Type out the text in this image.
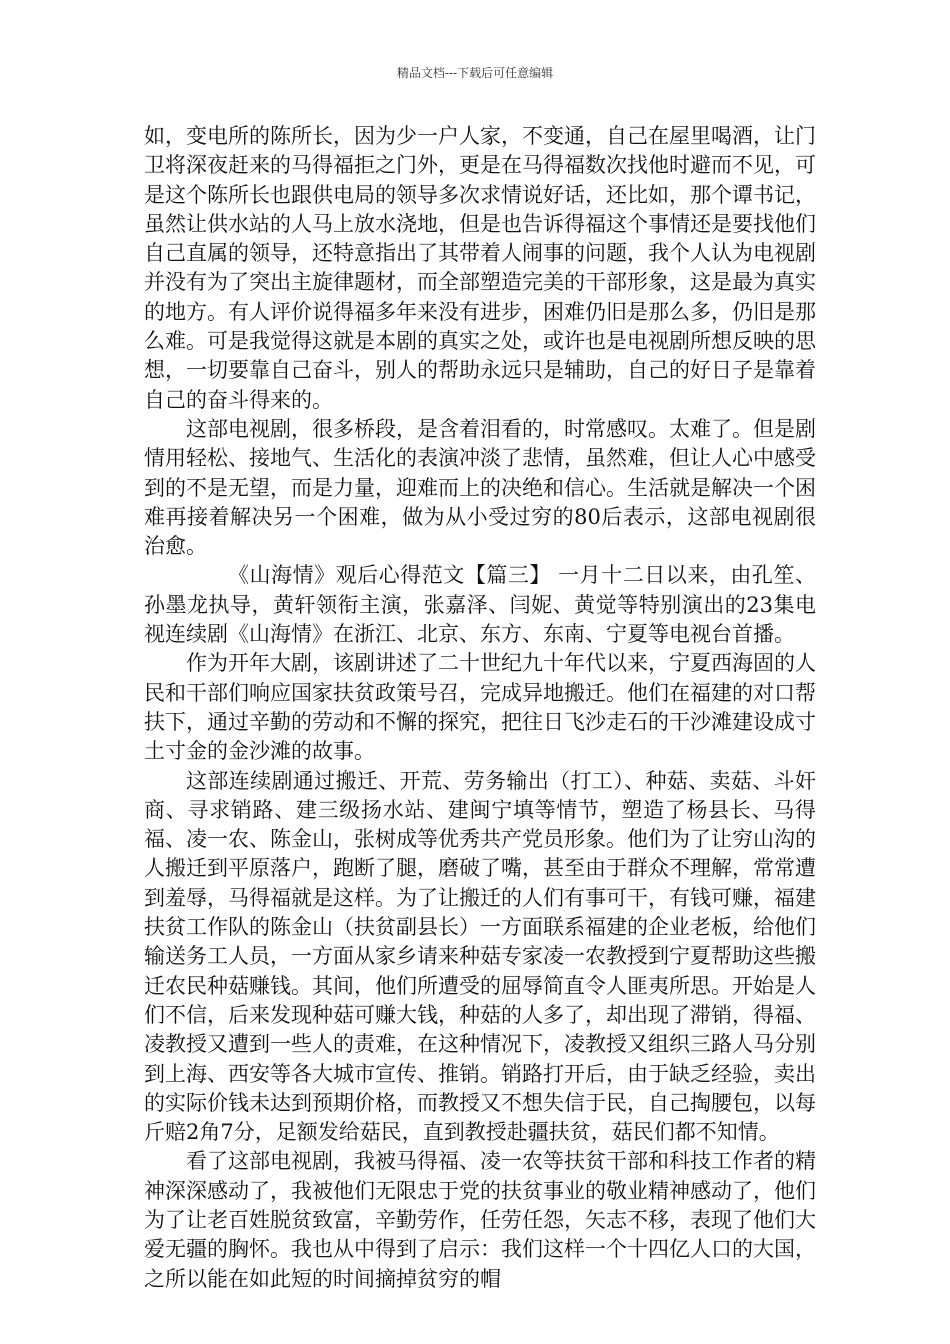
精品文档---下载后可任意编辑

如，变电所的陈所长，因为少一户人家，不变通，自己在屋里喝酒，让门卫将深夜赶来的马得福拒之门外，更是在马得福数次找他时避而不见，可是这个陈所长也跟供电局的领导多次求情说好话，还比如，那个谭书记，虽然让供水站的人马上放水浇地，但是也告诉得福这个事情还是要找他们自己直属的领导，还特意指出了其带着人闹事的问题，我个人认为电视剧并没有为了突出主旋律题材，而全部塑造完美的干部形象，这是最为真实的地方。有人评价说得福多年来没有进步，困难仍旧是那么多，仍旧是那么难。可是我觉得这就是本剧的真实之处，或许也是电视剧所想反映的思想，一切要靠自己奋斗，别人的帮助永远只是辅助，自己的好日子是靠着自己的奋斗得来的。

这部电视剧，很多桥段，是含着泪看的，时常感叹。太难了。但是剧情用轻松、接地气、生活化的表演冲淡了悲情，虽然难，但让人心中感受到的不是无望，而是力量，迎难而上的决绝和信心。生活就是解决一个困难再接着解决另一个困难，做为从小受过穷的80后表示，这部电视剧很治愈。

《山海情》观后心得范文【篇三】 一月十二日以来，由孔笙、孙墨龙执导，黄轩领衔主演，张嘉泽、闫妮、黄觉等特别演出的23集电视连续剧《山海情》在浙江、北京、东方、东南、宁夏等电视台首播。

作为开年大剧，该剧讲述了二十世纪九十年代以来，宁夏西海固的人民和干部们响应国家扶贫政策号召，完成异地搬迁。他们在福建的对口帮扶下，通过辛勤的劳动和不懈的探究，把往日飞沙走石的干沙滩建设成寸土寸金的金沙滩的故事。

这部连续剧通过搬迁、开荒、劳务输出（打工）、种菇、卖菇、斗奸商、寻求销路、建三级扬水站、建闽宁填等情节，塑造了杨县长、马得福、凌一农、陈金山，张树成等优秀共产党员形象。他们为了让穷山沟的人搬迁到平原落户，跑断了腿，磨破了嘴，甚至由于群众不理解，常常遭到羞辱，马得福就是这样。为了让搬迁的人们有事可干，有钱可赚，福建扶贫工作队的陈金山（扶贫副县长）一方面联系福建的企业老板，给他们输送务工人员，一方面从家乡请来种菇专家凌一农教授到宁夏帮助这些搬迁农民种菇赚钱。其间，他们所遭受的屈辱简直令人匪夷所思。开始是人们不信，后来发现种菇可赚大钱，种菇的人多了，却出现了滞销，得福、凌教授又遭到一些人的责难，在这种情况下，凌教授又组织三路人马分别到上海、西安等各大城市宣传、推销。销路打开后，由于缺乏经验，卖出的实际价钱未达到预期价格，而教授又不想失信于民，自己掏腰包，以每斤赔2角7分，足额发给菇民，直到教授赴疆扶贫，菇民们都不知情。

看了这部电视剧，我被马得福、凌一农等扶贫干部和科技工作者的精神深深感动了，我被他们无限忠于党的扶贫事业的敬业精神感动了，他们为了让老百姓脱贫致富，辛勤劳作，任劳任怨，矢志不移，表现了他们大爱无疆的胸怀。我也从中得到了启示：我们这样一个十四亿人口的大国，之所以能在如此短的时间摘掉贫穷的帽
